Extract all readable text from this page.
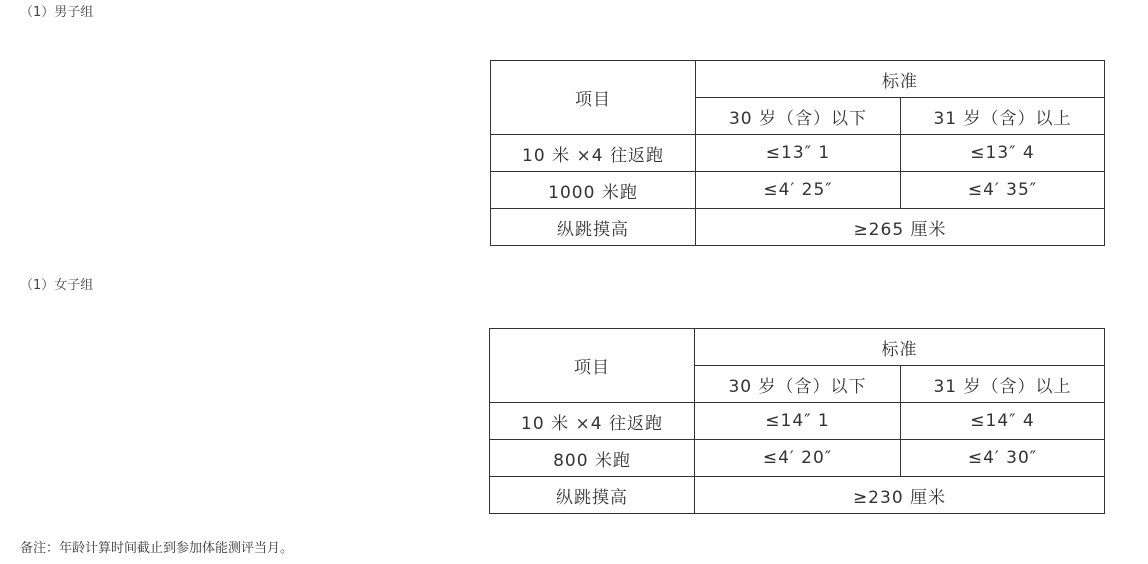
（1）男子组
项目	标准	
	30 岁（含）以下	31 岁（含）以上
10 米 ×4 往返跑	≤13″ 1	≤13″ 4
1000 米跑	≤4′ 25″	≤4′ 35″
纵跳摸高	≥265 厘米	
（1）女子组
项目	标准	
	30 岁（含）以下	31 岁（含）以上
10 米 ×4 往返跑	≤14″ 1	≤14″ 4
800 米跑	≤4′ 20″	≤4′ 30″
纵跳摸高	≥230 厘米	
备注：年龄计算时间截止到参加体能测评当月。
